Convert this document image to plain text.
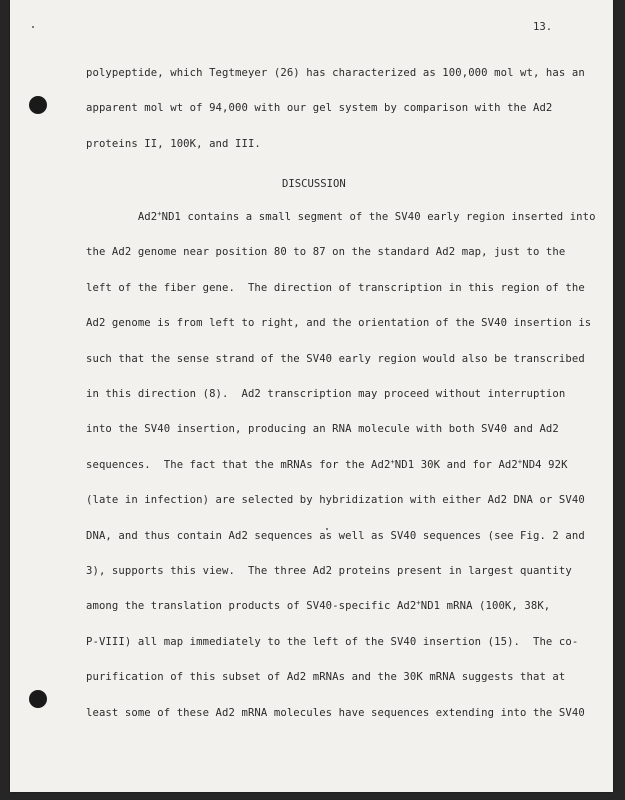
13.
polypeptide, which Tegtmeyer (26) has characterized as 100,000 mol wt, has an
apparent mol wt of 94,000 with our gel system by comparison with the Ad2
proteins II, 100K, and III.
DISCUSSION
Ad2+ND1 contains a small segment of the SV40 early region inserted into
the Ad2 genome near position 80 to 87 on the standard Ad2 map, just to the
left of the fiber gene.  The direction of transcription in this region of the
Ad2 genome is from left to right, and the orientation of the SV40 insertion is
such that the sense strand of the SV40 early region would also be transcribed
in this direction (8).  Ad2 transcription may proceed without interruption
into the SV40 insertion, producing an RNA molecule with both SV40 and Ad2
sequences.  The fact that the mRNAs for the Ad2+ND1 30K and for Ad2+ND4 92K
(late in infection) are selected by hybridization with either Ad2 DNA or SV40
DNA, and thus contain Ad2 sequences as well as SV40 sequences (see Fig. 2 and
3), supports this view.  The three Ad2 proteins present in largest quantity
among the translation products of SV40-specific Ad2+ND1 mRNA (100K, 38K,
P-VIII) all map immediately to the left of the SV40 insertion (15).  The co-
purification of this subset of Ad2 mRNAs and the 30K mRNA suggests that at
least some of these Ad2 mRNA molecules have sequences extending into the SV40
